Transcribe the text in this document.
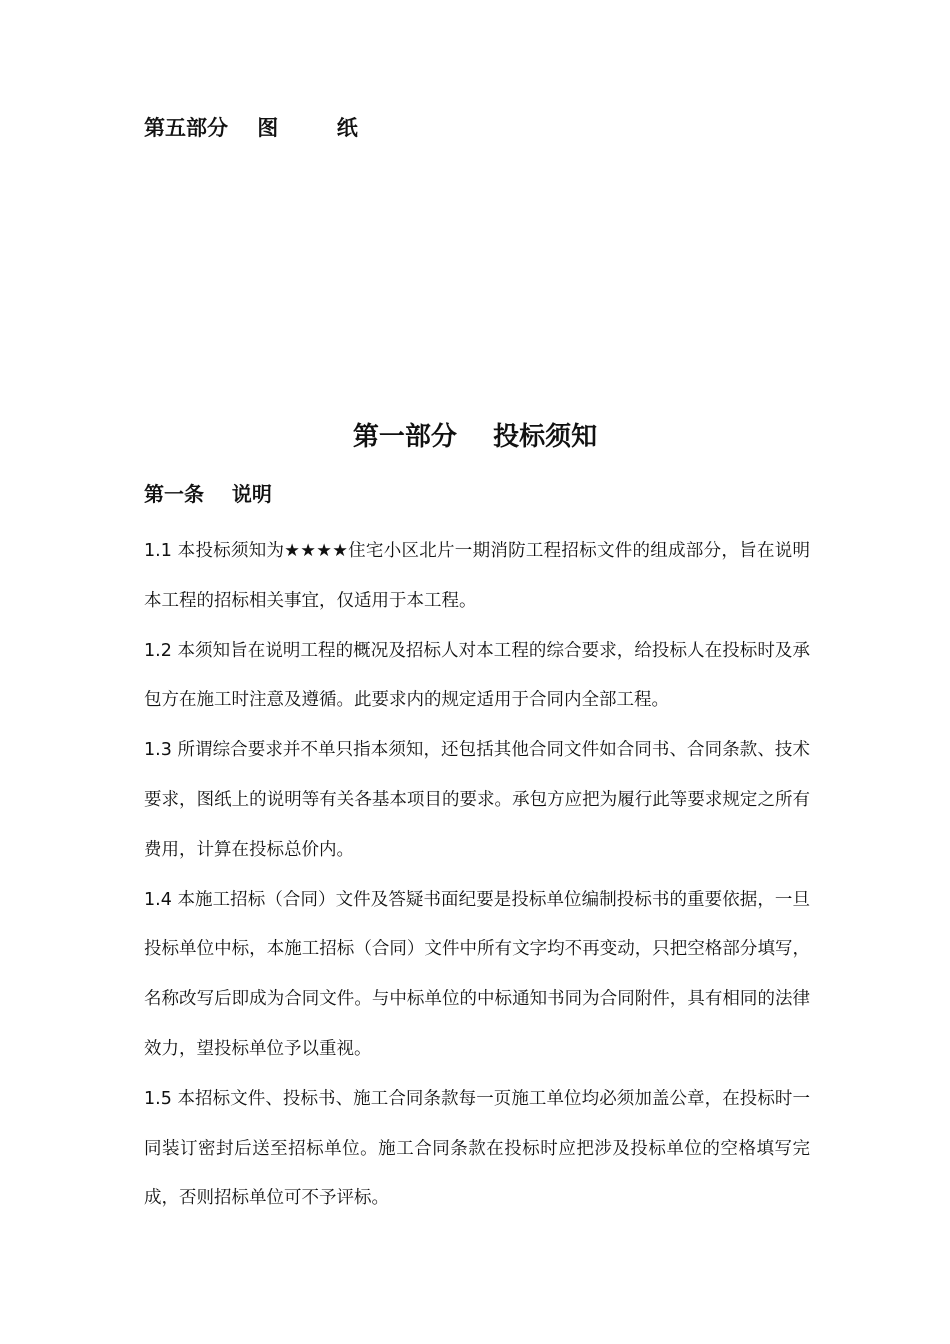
第五部分    图        纸
第一部分    投标须知
第一条    说明

1.1 本投标须知为★★★★住宅小区北片一期消防工程招标文件的组成部分，旨在说明本工程的招标相关事宜，仅适用于本工程。

1.2 本须知旨在说明工程的概况及招标人对本工程的综合要求，给投标人在投标时及承包方在施工时注意及遵循。此要求内的规定适用于合同内全部工程。

1.3 所谓综合要求并不单只指本须知，还包括其他合同文件如合同书、合同条款、技术要求，图纸上的说明等有关各基本项目的要求。承包方应把为履行此等要求规定之所有费用，计算在投标总价内。

1.4 本施工招标（合同）文件及答疑书面纪要是投标单位编制投标书的重要依据，一旦投标单位中标，本施工招标（合同）文件中所有文字均不再变动，只把空格部分填写，名称改写后即成为合同文件。与中标单位的中标通知书同为合同附件，具有相同的法律效力，望投标单位予以重视。

1.5 本招标文件、投标书、施工合同条款每一页施工单位均必须加盖公章，在投标时一同装订密封后送至招标单位。施工合同条款在投标时应把涉及投标单位的空格填写完成，否则招标单位可不予评标。
